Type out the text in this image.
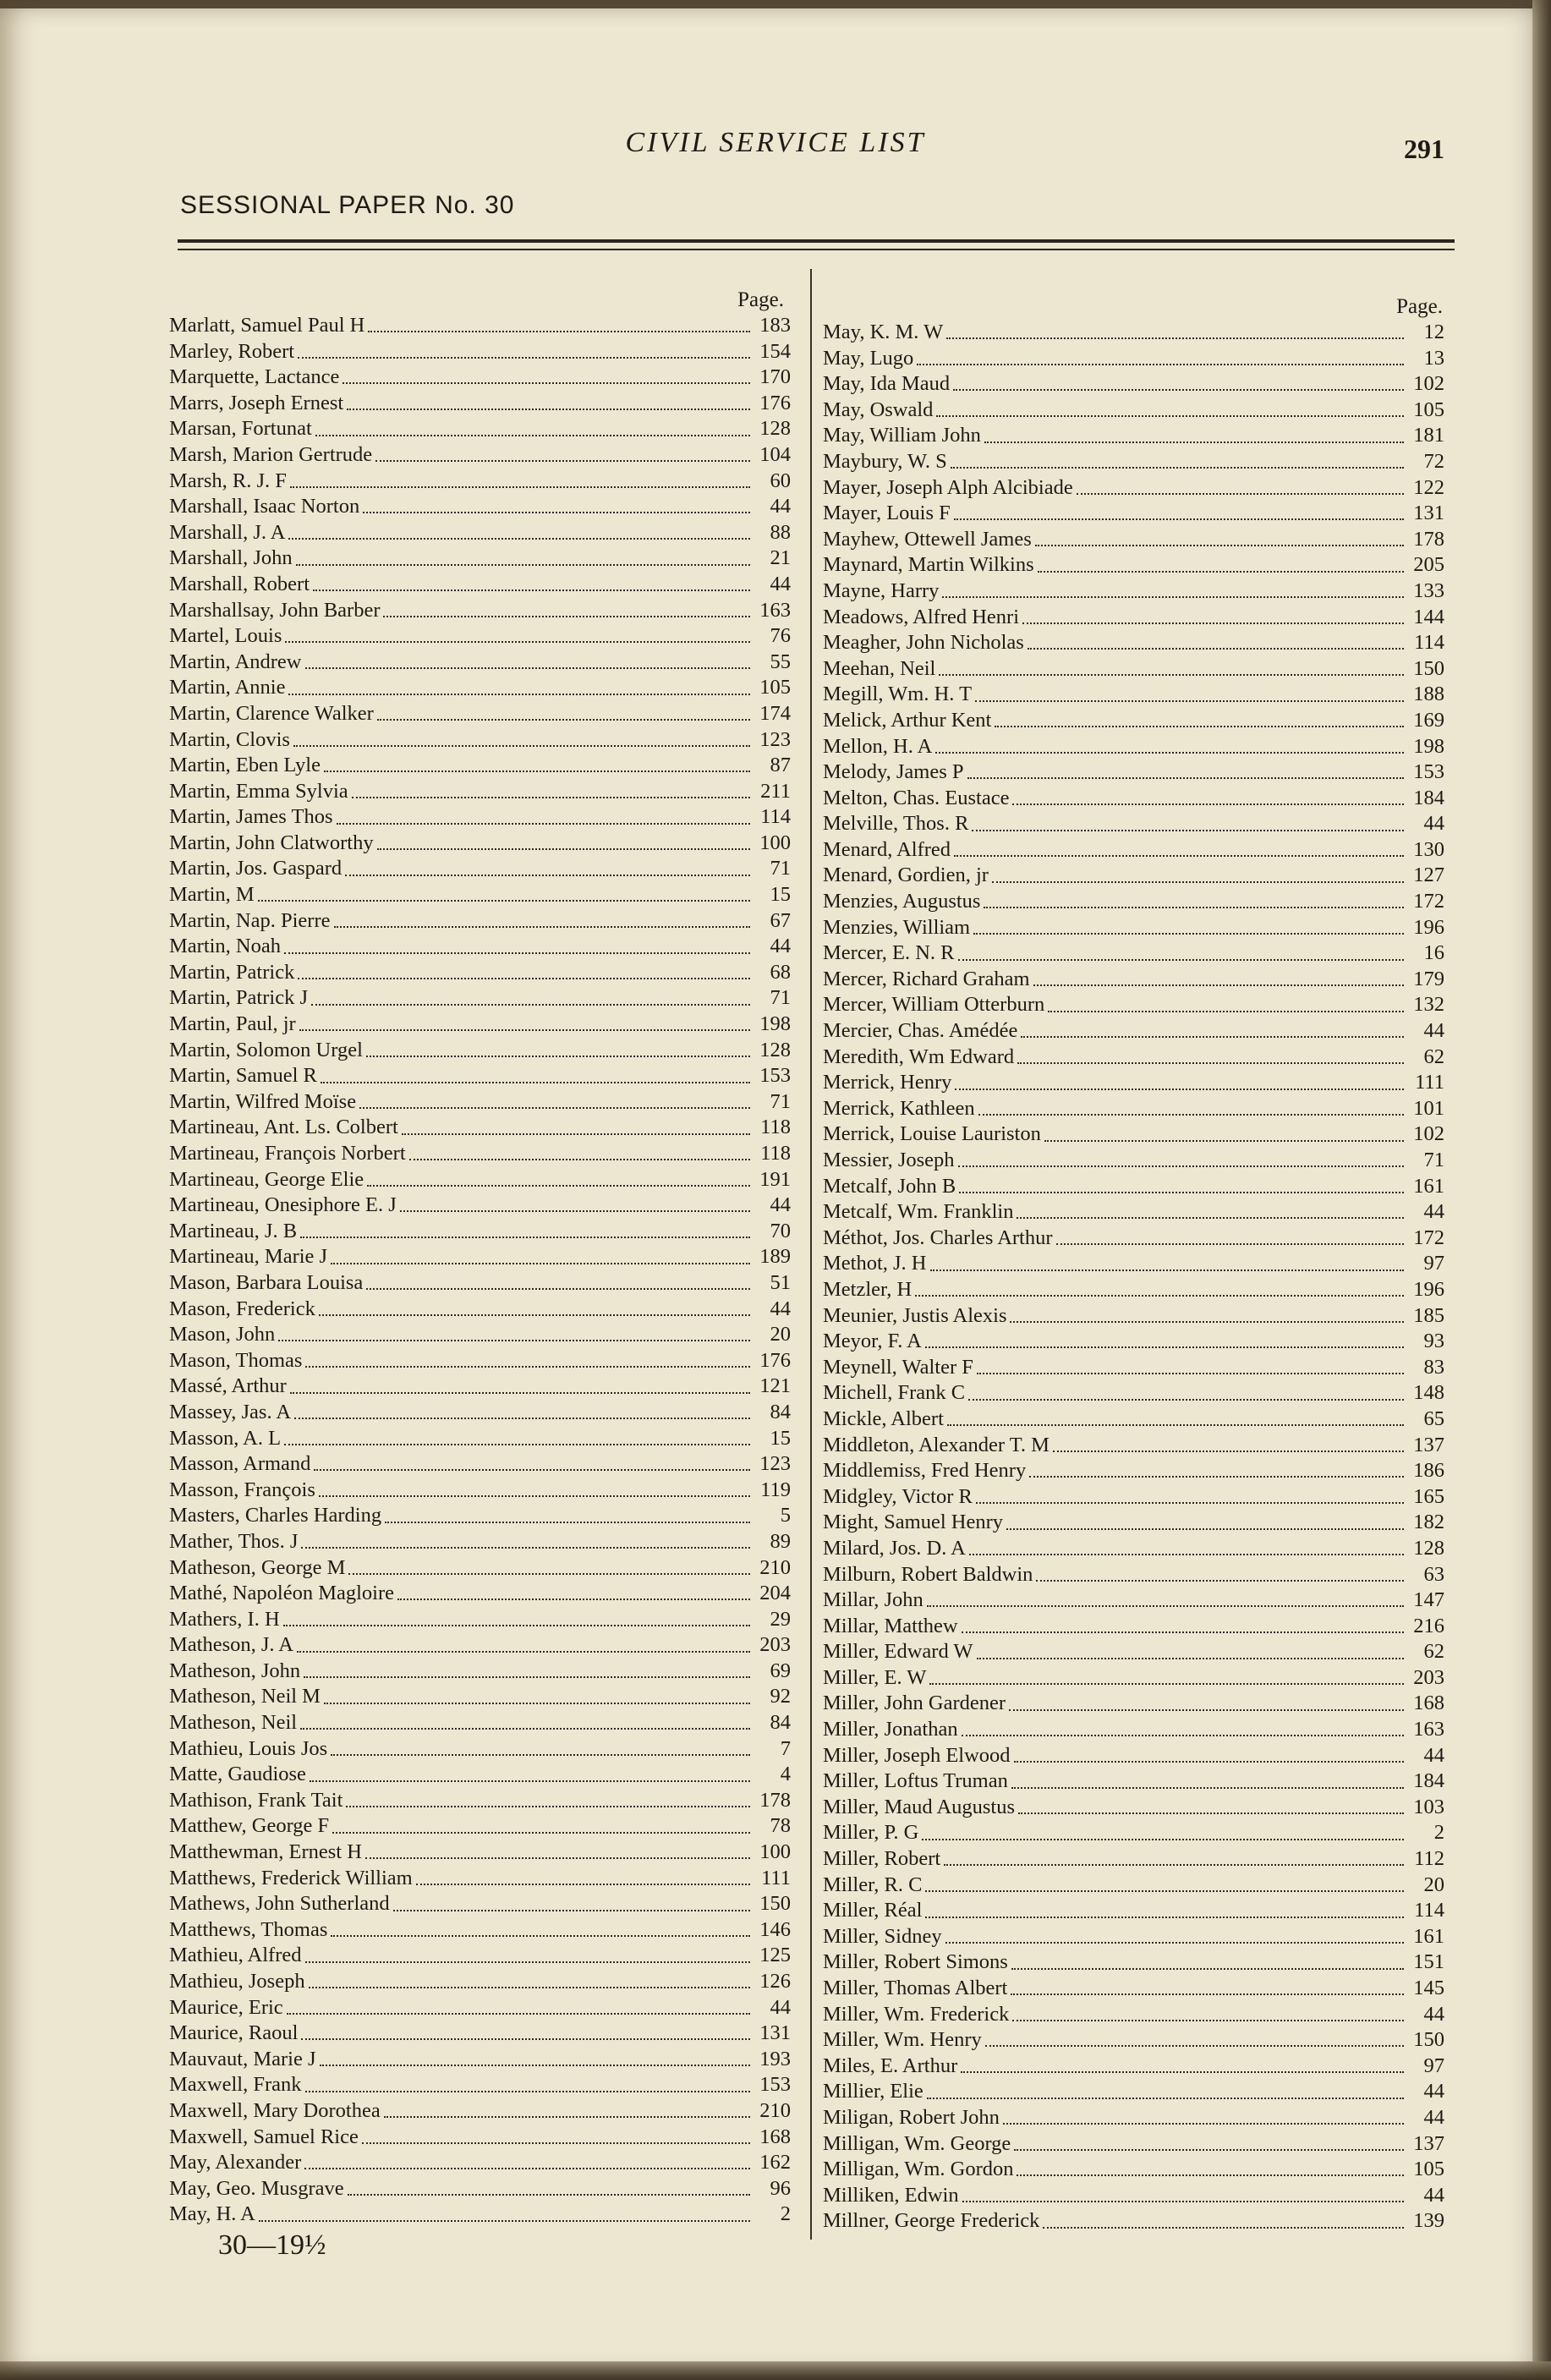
CIVIL SERVICE LIST	291
SESSIONAL PAPER No. 30
Page.
Marlatt, Samuel Paul H	183
Marley, Robert	154
Marquette, Lactance	170
Marrs, Joseph Ernest	176
Marsan, Fortunat	128
Marsh, Marion Gertrude	104
Marsh, R. J. F	60
Marshall, Isaac Norton	44
Marshall, J. A	88
Marshall, John	21
Marshall, Robert	44
Marshallsay, John Barber	163
Martel, Louis	76
Martin, Andrew	55
Martin, Annie	105
Martin, Clarence Walker	174
Martin, Clovis	123
Martin, Eben Lyle	87
Martin, Emma Sylvia	211
Martin, James Thos	114
Martin, John Clatworthy	100
Martin, Jos. Gaspard	71
Martin, M	15
Martin, Nap. Pierre	67
Martin, Noah	44
Martin, Patrick	68
Martin, Patrick J	71
Martin, Paul, jr	198
Martin, Solomon Urgel	128
Martin, Samuel R	153
Martin, Wilfred Moïse	71
Martineau, Ant. Ls. Colbert	118
Martineau, François Norbert	118
Martineau, George Elie	191
Martineau, Onesiphore E. J	44
Martineau, J. B	70
Martineau, Marie J	189
Mason, Barbara Louisa	51
Mason, Frederick	44
Mason, John	20
Mason, Thomas	176
Massé, Arthur	121
Massey, Jas. A	84
Masson, A. L	15
Masson, Armand	123
Masson, François	119
Masters, Charles Harding	5
Mather, Thos. J	89
Matheson, George M	210
Mathé, Napoléon Magloire	204
Mathers, I. H	29
Matheson, J. A	203
Matheson, John	69
Matheson, Neil M	92
Matheson, Neil	84
Mathieu, Louis Jos	7
Matte, Gaudiose	4
Mathison, Frank Tait	178
Matthew, George F	78
Matthewman, Ernest H	100
Matthews, Frederick William	111
Mathews, John Sutherland	150
Matthews, Thomas	146
Mathieu, Alfred	125
Mathieu, Joseph	126
Maurice, Eric	44
Maurice, Raoul	131
Mauvaut, Marie J	193
Maxwell, Frank	153
Maxwell, Mary Dorothea	210
Maxwell, Samuel Rice	168
May, Alexander	162
May, Geo. Musgrave	96
May, H. A	2
Page.
May, K. M. W	12
May, Lugo	13
May, Ida Maud	102
May, Oswald	105
May, William John	181
Maybury, W. S	72
Mayer, Joseph Alph Alcibiade	122
Mayer, Louis F	131
Mayhew, Ottewell James	178
Maynard, Martin Wilkins	205
Mayne, Harry	133
Meadows, Alfred Henri	144
Meagher, John Nicholas	114
Meehan, Neil	150
Megill, Wm. H. T	188
Melick, Arthur Kent	169
Mellon, H. A	198
Melody, James P	153
Melton, Chas. Eustace	184
Melville, Thos. R	44
Menard, Alfred	130
Menard, Gordien, jr	127
Menzies, Augustus	172
Menzies, William	196
Mercer, E. N. R	16
Mercer, Richard Graham	179
Mercer, William Otterburn	132
Mercier, Chas. Amédée	44
Meredith, Wm Edward	62
Merrick, Henry	111
Merrick, Kathleen	101
Merrick, Louise Lauriston	102
Messier, Joseph	71
Metcalf, John B	161
Metcalf, Wm. Franklin	44
Méthot, Jos. Charles Arthur	172
Methot, J. H	97
Metzler, H	196
Meunier, Justis Alexis	185
Meyor, F. A	93
Meynell, Walter F	83
Michell, Frank C	148
Mickle, Albert	65
Middleton, Alexander T. M	137
Middlemiss, Fred Henry	186
Midgley, Victor R	165
Might, Samuel Henry	182
Milard, Jos. D. A	128
Milburn, Robert Baldwin	63
Millar, John	147
Millar, Matthew	216
Miller, Edward W	62
Miller, E. W	203
Miller, John Gardener	168
Miller, Jonathan	163
Miller, Joseph Elwood	44
Miller, Loftus Truman	184
Miller, Maud Augustus	103
Miller, P. G	2
Miller, Robert	112
Miller, R. C	20
Miller, Réal	114
Miller, Sidney	161
Miller, Robert Simons	151
Miller, Thomas Albert	145
Miller, Wm. Frederick	44
Miller, Wm. Henry	150
Miles, E. Arthur	97
Millier, Elie	44
Miligan, Robert John	44
Milligan, Wm. George	137
Milligan, Wm. Gordon	105
Milliken, Edwin	44
Millner, George Frederick	139
30—19½
